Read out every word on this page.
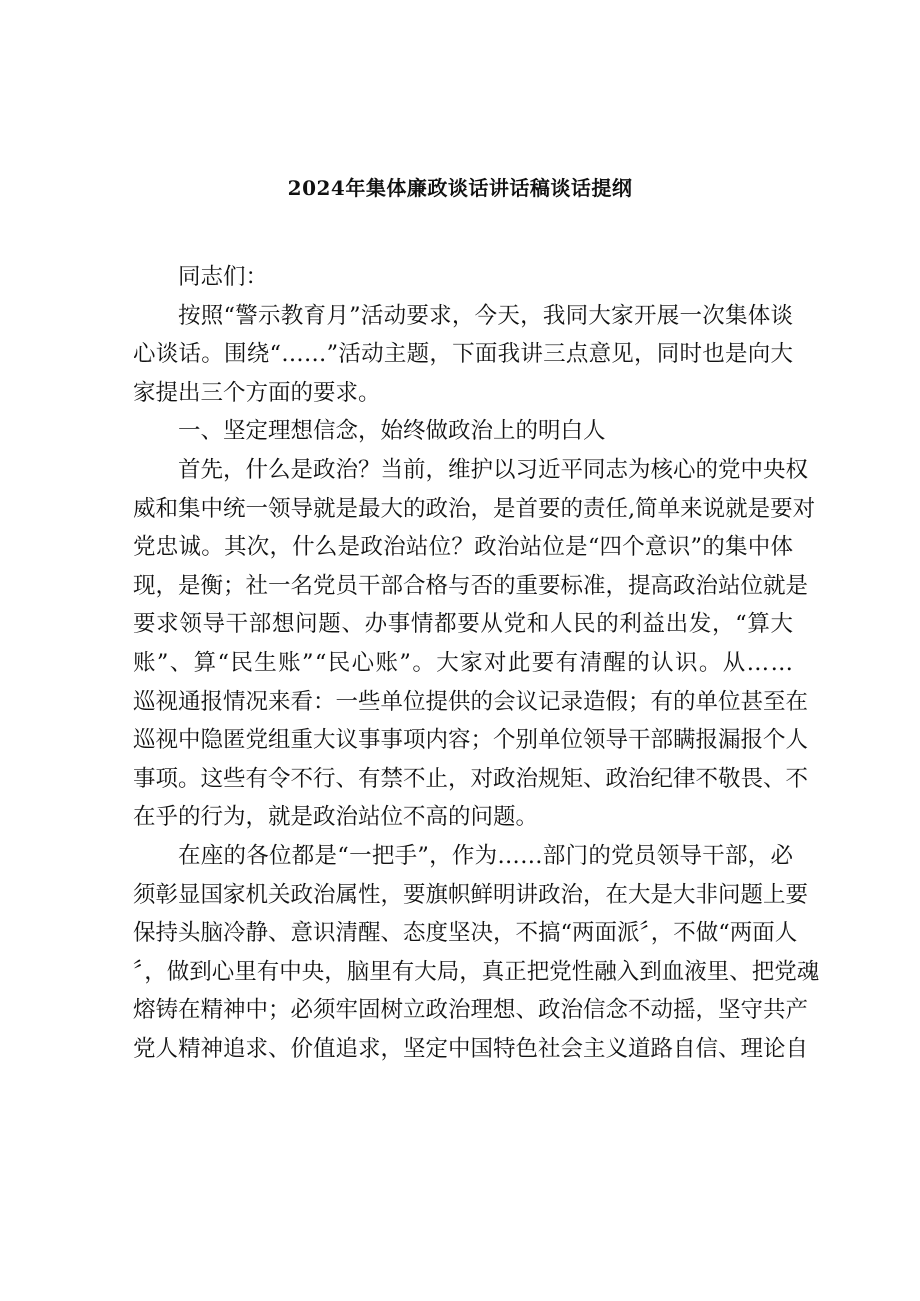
2024年集体廉政谈话讲话稿谈话提纲
同志们：
按照“警示教育月”活动要求，今天，我同大家开展一次集体谈
心谈话。围绕“……”活动主题，下面我讲三点意见，同时也是向大
家提出三个方面的要求。
一、坚定理想信念，始终做政治上的明白人
首先，什么是政治？当前，维护以习近平同志为核心的党中央权
威和集中统一领导就是最大的政治，是首要的责任,简单来说就是要对
党忠诚。其次，什么是政治站位？政治站位是“四个意识”的集中体
现，是衡；社一名党员干部合格与否的重要标准，提高政治站位就是
要求领导干部想问题、办事情都要从党和人民的利益出发，“算大
账”、算“民生账”“民心账”。大家对此要有清醒的认识。从……
巡视通报情况来看：一些单位提供的会议记录造假；有的单位甚至在
巡视中隐匿党组重大议事事项内容；个别单位领导干部瞒报漏报个人
事项。这些有令不行、有禁不止，对政治规矩、政治纪律不敬畏、不
在乎的行为，就是政治站位不高的问题。
在座的各位都是“一把手”，作为……部门的党员领导干部，必
须彰显国家机关政治属性，要旗帜鲜明讲政治，在大是大非问题上要
保持头脑冷静、意识清醒、态度坚决，不搞“两面派〞，不做“两面人
〞，做到心里有中央，脑里有大局，真正把党性融入到血液里、把党魂
熔铸在精神中；必须牢固树立政治理想、政治信念不动摇，坚守共产
党人精神追求、价值追求，坚定中国特色社会主义道路自信、理论自
